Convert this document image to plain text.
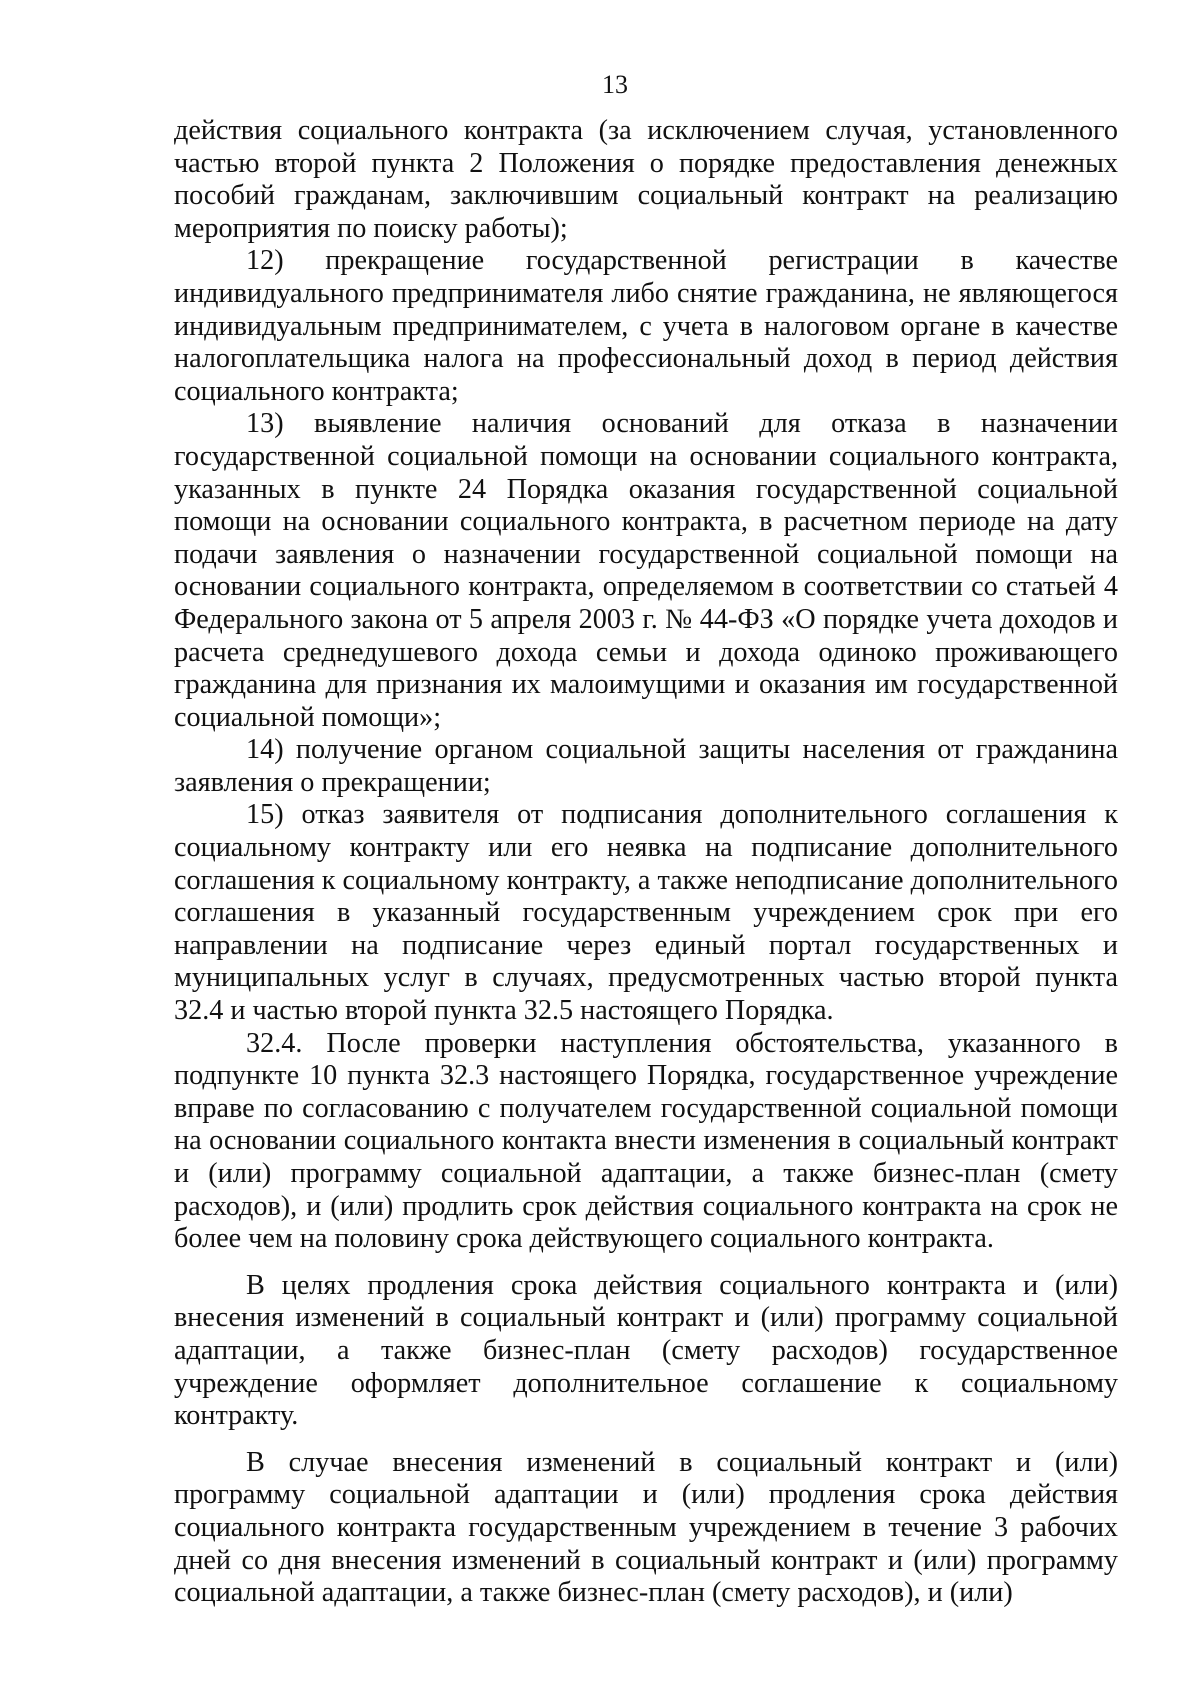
13

действия социального контракта (за исключением случая, установленного частью второй пункта 2 Положения о порядке предоставления денежных пособий гражданам, заключившим социальный контракт на реализацию мероприятия по поиску работы);

12) прекращение государственной регистрации в качестве индивидуального предпринимателя либо снятие гражданина, не являющегося индивидуальным предпринимателем, с учета в налоговом органе в качестве налогоплательщика налога на профессиональный доход в период действия социального контракта;

13) выявление наличия оснований для отказа в назначении государственной социальной помощи на основании социального контракта, указанных в пункте 24 Порядка оказания государственной социальной помощи на основании социального контракта, в расчетном периоде на дату подачи заявления о назначении государственной социальной помощи на основании социального контракта, определяемом в соответствии со статьей 4 Федерального закона от 5 апреля 2003 г. № 44-ФЗ «О порядке учета доходов и расчета среднедушевого дохода семьи и дохода одиноко проживающего гражданина для признания их малоимущими и оказания им государственной социальной помощи»;

14) получение органом социальной защиты населения от гражданина заявления о прекращении;

15) отказ заявителя от подписания дополнительного соглашения к социальному контракту или его неявка на подписание дополнительного соглашения к социальному контракту, а также неподписание дополнительного соглашения в указанный государственным учреждением срок при его направлении на подписание через единый портал государственных и муниципальных услуг в случаях, предусмотренных частью второй пункта 32.4 и частью второй пункта 32.5 настоящего Порядка.

32.4. После проверки наступления обстоятельства, указанного в подпункте 10 пункта 32.3 настоящего Порядка, государственное учреждение вправе по согласованию с получателем государственной социальной помощи на основании социального контакта внести изменения в социальный контракт и (или) программу социальной адаптации, а также бизнес-план (смету расходов), и (или) продлить срок действия социального контракта на срок не более чем на половину срока действующего социального контракта.

В целях продления срока действия социального контракта и (или) внесения изменений в социальный контракт и (или) программу социальной адаптации, а также бизнес-план (смету расходов) государственное учреждение оформляет дополнительное соглашение к социальному контракту.

В случае внесения изменений в социальный контракт и (или) программу социальной адаптации и (или) продления срока действия социального контракта государственным учреждением в течение 3 рабочих дней со дня внесения изменений в социальный контракт и (или) программу социальной адаптации, а также бизнес-план (смету расходов), и (или)
